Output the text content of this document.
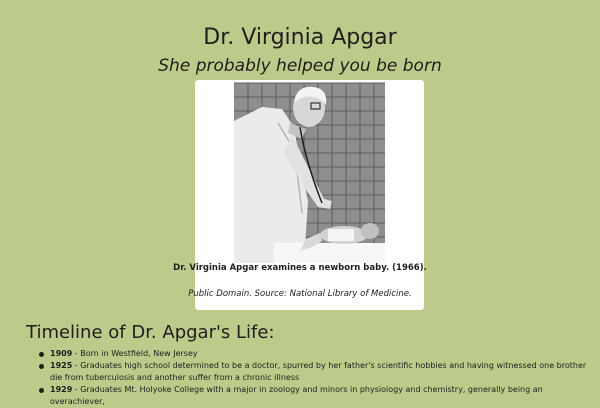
Dr. Virginia Apgar

She probably helped you be born

Dr. Virginia Apgar examines a newborn baby. (1966).
Public Domain. Source: National Library of Medicine.
Timeline of Dr. Apgar's Life:
1909 - Born in Westfield, New Jersey
1925 - Graduates high school determined to be a doctor, spurred by her father's scientific hobbies and having witnessed one brother die from tuberculosis and another suffer from a chronic illness
1929 - Graduates Mt. Holyoke College with a major in zoology and minors in physiology and chemistry, generally being an overachiever,
